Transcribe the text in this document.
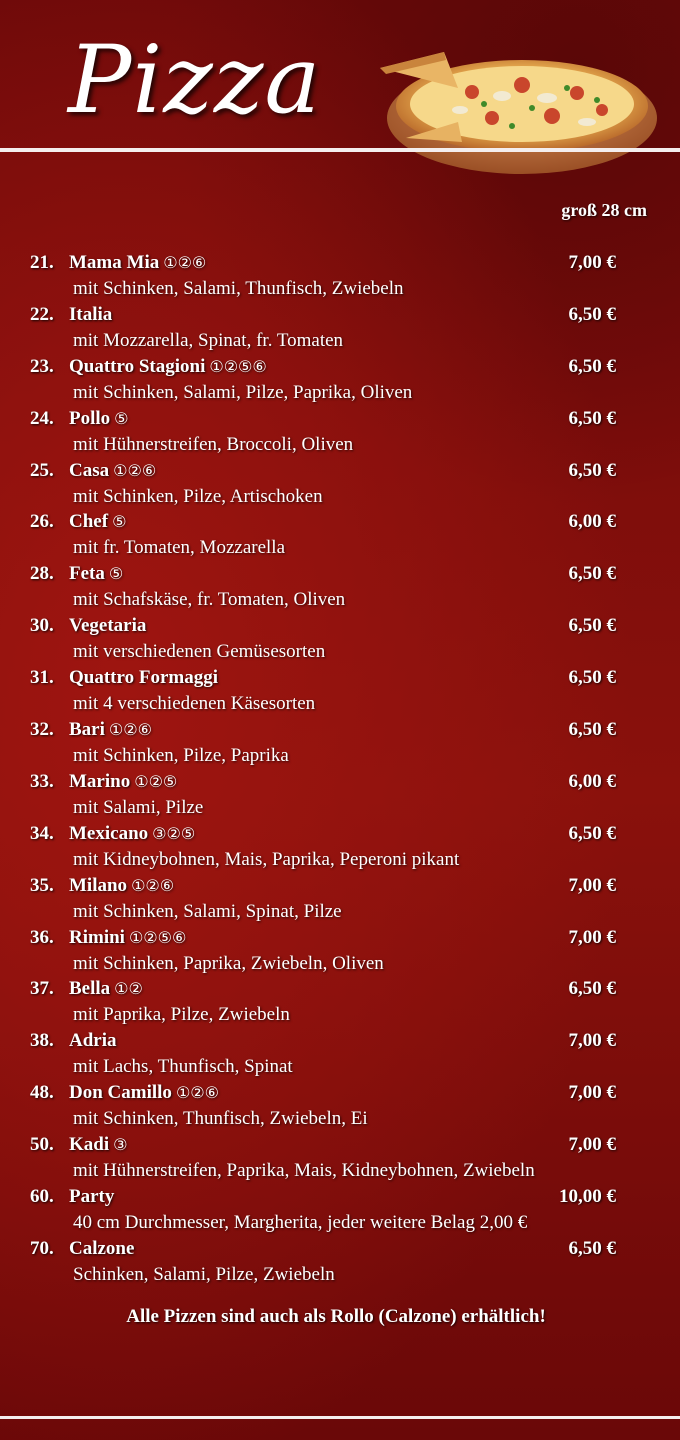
Pizza
groß 28 cm
21. Mama Mia ①②⑥	7,00 €
mit Schinken, Salami, Thunfisch, Zwiebeln
22. Italia	6,50 €
mit Mozzarella, Spinat, fr. Tomaten
23. Quattro Stagioni ①②⑤⑥	6,50 €
mit Schinken, Salami, Pilze, Paprika, Oliven
24. Pollo ⑤	6,50 €
mit Hühnerstreifen, Broccoli, Oliven
25. Casa ①②⑥	6,50 €
mit Schinken, Pilze, Artischoken
26. Chef ⑤	6,00 €
mit fr. Tomaten, Mozzarella
28. Feta ⑤	6,50 €
mit Schafskäse, fr. Tomaten, Oliven
30. Vegetaria	6,50 €
mit verschiedenen Gemüsesorten
31. Quattro Formaggi	6,50 €
mit 4 verschiedenen Käsesorten
32. Bari ①②⑥	6,50 €
mit Schinken, Pilze, Paprika
33. Marino ①②⑤	6,00 €
mit Salami, Pilze
34. Mexicano ③②⑤	6,50 €
mit Kidneybohnen, Mais, Paprika, Peperoni pikant
35. Milano ①②⑥	7,00 €
mit Schinken, Salami, Spinat, Pilze
36. Rimini ①②⑤⑥	7,00 €
mit Schinken, Paprika, Zwiebeln, Oliven
37. Bella ①②	6,50 €
mit Paprika, Pilze, Zwiebeln
38. Adria	7,00 €
mit Lachs, Thunfisch, Spinat
48. Don Camillo ①②⑥	7,00 €
mit Schinken, Thunfisch, Zwiebeln, Ei
50. Kadi ③	7,00 €
mit Hühnerstreifen, Paprika, Mais, Kidneybohnen, Zwiebeln
60. Party	10,00 €
40 cm Durchmesser, Margherita, jeder weitere Belag 2,00 €
70. Calzone	6,50 €
Schinken, Salami, Pilze, Zwiebeln
Alle Pizzen sind auch als Rollo (Calzone) erhältlich!
